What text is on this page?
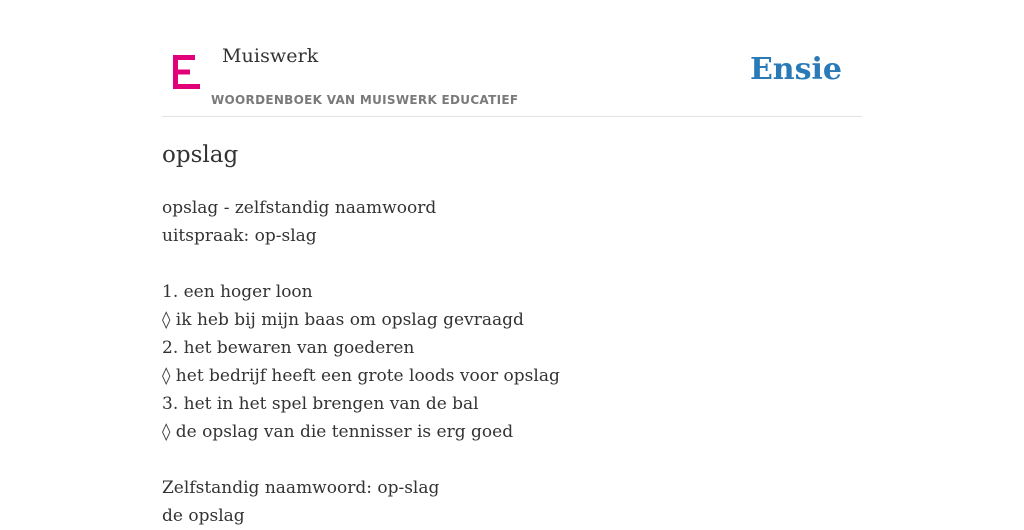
Muiswerk
WOORDENBOEK VAN MUISWERK EDUCATIEF
Ensie
opslag
opslag - zelfstandig naamwoord
uitspraak: op-slag
1. een hoger loon
◊ ik heb bij mijn baas om opslag gevraagd
2. het bewaren van goederen
◊ het bedrijf heeft een grote loods voor opslag
3. het in het spel brengen van de bal
◊ de opslag van die tennisser is erg goed
Zelfstandig naamwoord: op-slag
de opslag
